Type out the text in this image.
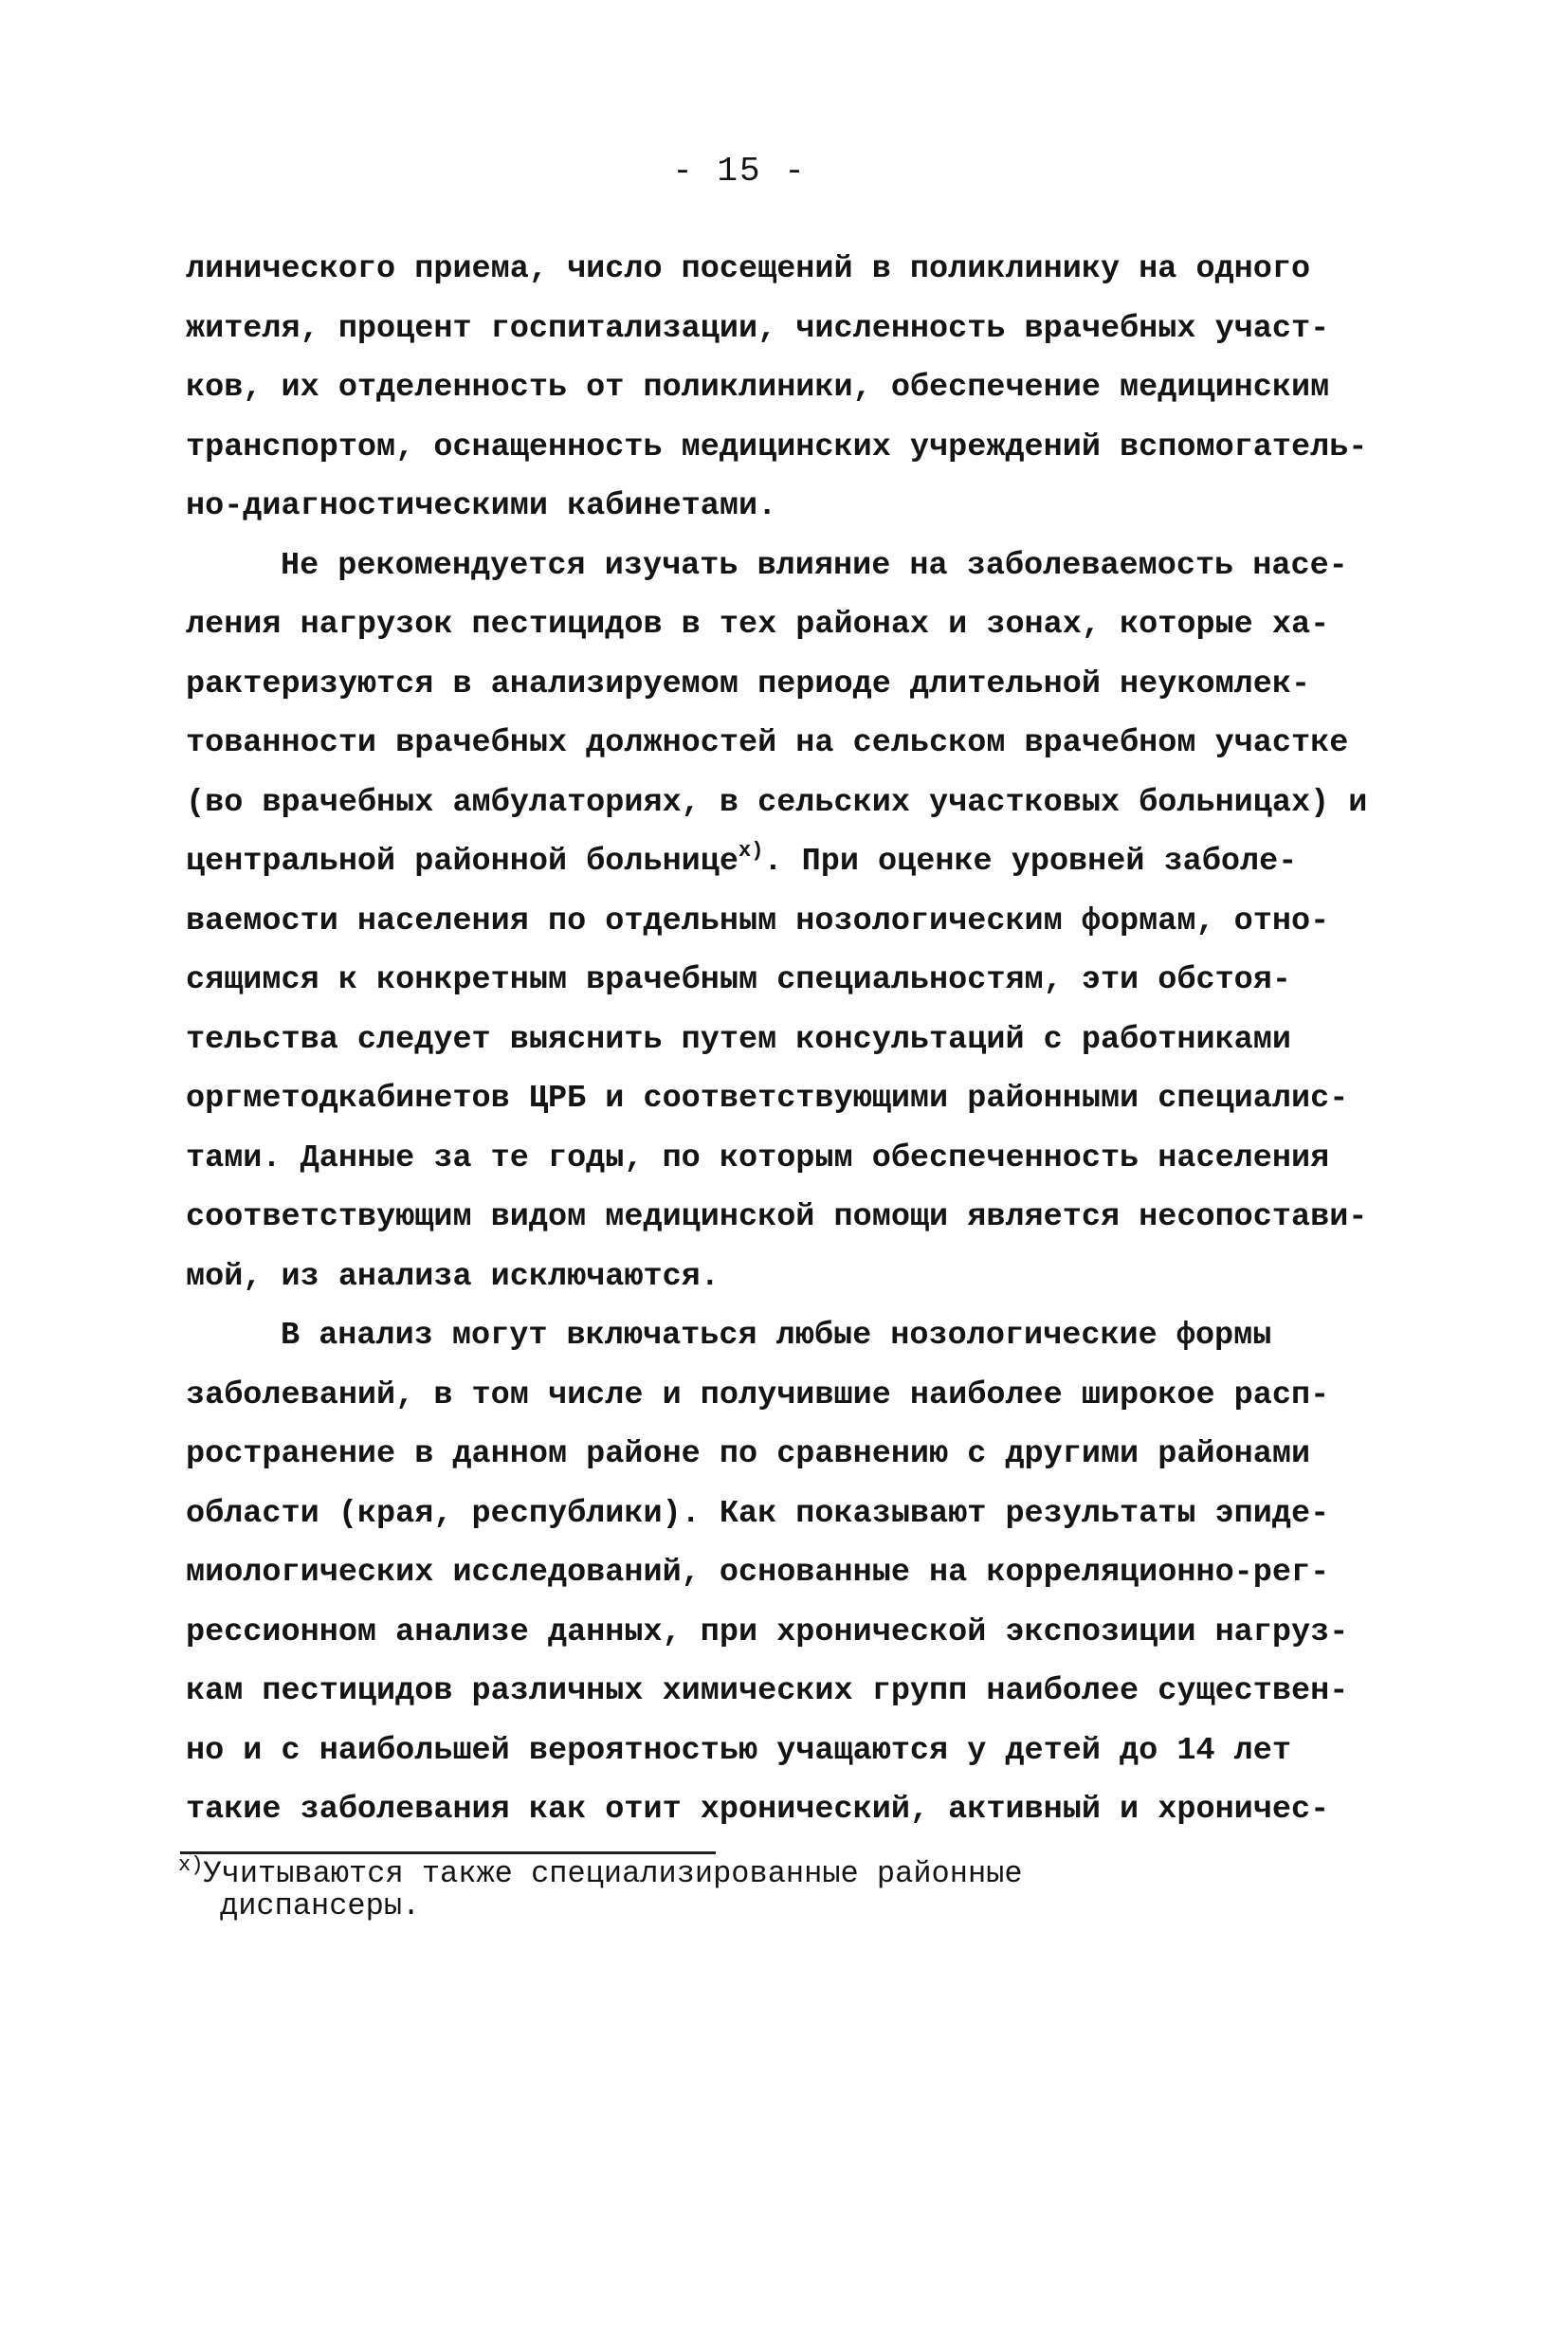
- 15 -
линического приема, число посещений в поликлинику на одного
жителя, процент госпитализации, численность врачебных участ-
ков, их отделенность от поликлиники, обеспечение медицинским
транспортом, оснащенность медицинских учреждений вспомогатель-
но-диагностическими кабинетами.
Не рекомендуется изучать влияние на заболеваемость насе-
ления нагрузок пестицидов в тех районах и зонах, которые ха-
рактеризуются в анализируемом периоде длительной неукомлек-
тованности врачебных должностей на сельском врачебном участке
(во врачебных амбулаториях, в сельских участковых больницах) и
центральной районной больнице$^{х)}$. При оценке уровней заболе-
ваемости населения по отдельным нозологическим формам, отно-
сящимся к конкретным врачебным специальностям, эти обстоя-
тельства следует выяснить путем консультаций с работниками
оргметодкабинетов ЦРБ и соответствующими районными специалис-
тами. Данные за те годы, по которым обеспеченность населения
соответствующим видом медицинской помощи является несопостави-
мой, из анализа исключаются.
В анализ могут включаться любые нозологические формы
заболеваний, в том числе и получившие наиболее широкое расп-
ространение в данном районе по сравнению с другими районами
области (края, республики). Как показывают результаты эпиде-
миологических исследований, основанные на корреляционно-рег-
рессионном анализе данных, при хронической экспозиции нагруз-
кам пестицидов различных химических групп наиболее существен-
но и с наибольшей вероятностью учащаются у детей до 14 лет
такие заболевания как отит хронический, активный и хроничес-
$^{х)}$Учитываются также специализированные районные
диспансеры.
